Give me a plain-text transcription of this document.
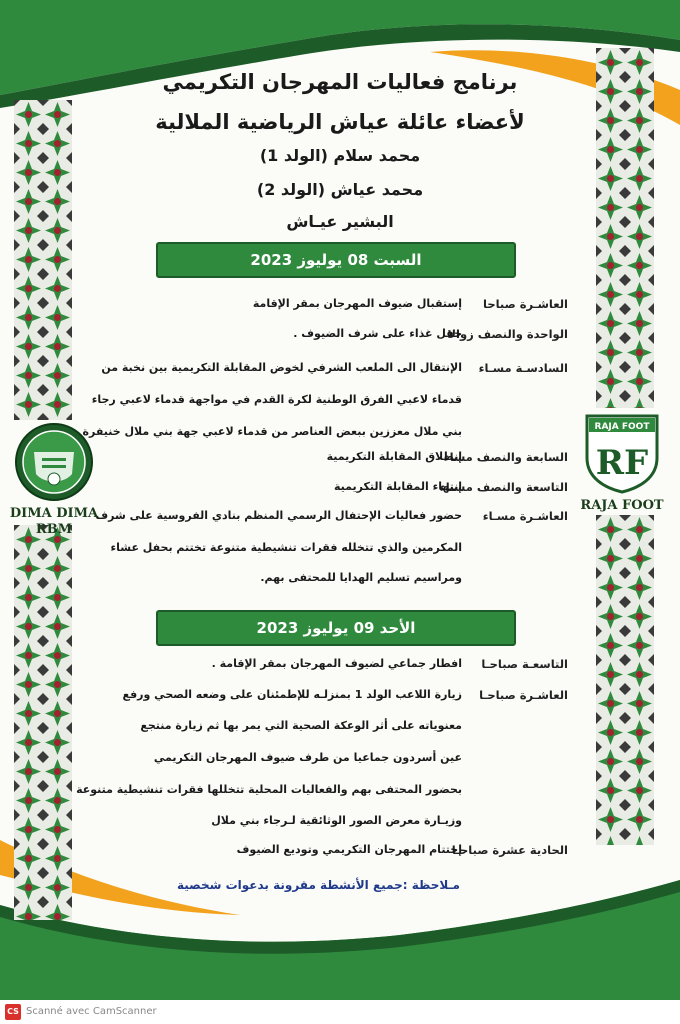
برنامج فعاليات المهرجان التكريمي
لأعضاء عائلة عياش الرياضية الملالية
محمد سلام (الولد 1)
محمد عياش (الولد 2)
البشير عيـاش
السبت 08 يوليوز 2023
العاشـرة صباحا
إستقبال ضيوف المهرجان بمقر الإقامة
الواحدة والنصف زوالا
حفل غذاء على شرف الضيوف .
السادسـة مسـاء
الإنتقال الى الملعب الشرفي لخوض المقابلة التكريمية بين نخبة من
قدماء لاعبي الفرق الوطنية لكرة القدم في مواجهة قدماء لاعبي رجاء
بني ملال معززين ببعض العناصر من قدماء لاعبي جهة بني ملال خنيفرة
السابعة والنصف مساء
إنطلاق المقابلة التكريمية
التاسعة والنصف مسـاء
إنتهاء المقابلة التكريمية
العاشـرة مسـاء
حضور فعاليات الإحتفال الرسمي المنظم بنادي الفروسية على شرف
المكرمين والذي تتخلله فقرات تنشيطية متنوعة تختتم بحفل عشاء
ومراسيم تسليم الهدايا للمحتفى بهم.
الأحد 09 يوليوز 2023
التاسعـة صباحـا
افطار جماعي لضيوف المهرجان بمقر الإقامة .
العاشـرة صباحـا
زيارة اللاعب الولد 1 بمنزلـه للإطمئنان على وضعه الصحي ورفع
معنوياته على أثر الوعكة الصحية التي يمر بها ثم زيارة منتجع
عين أسردون جماعيا من طرف ضيوف المهرجان التكريمي
بحضور المحتفى بهم والفعاليات المحلية تتخللها فقرات تنشيطية متنوعة
وزيـارة معرض الصور الوثائقية لـرجاء بني ملال
الحادية عشرة صباحـا
إختتام المهرجان التكريمي وتوديع الضيوف
مـلاحظة :جميع الأنشطة مقرونة بدعوات شخصية
DIMA DIMA
RBM
RAJA FOOT
RF
RAJA FOOT
CS Scanné avec CamScanner
